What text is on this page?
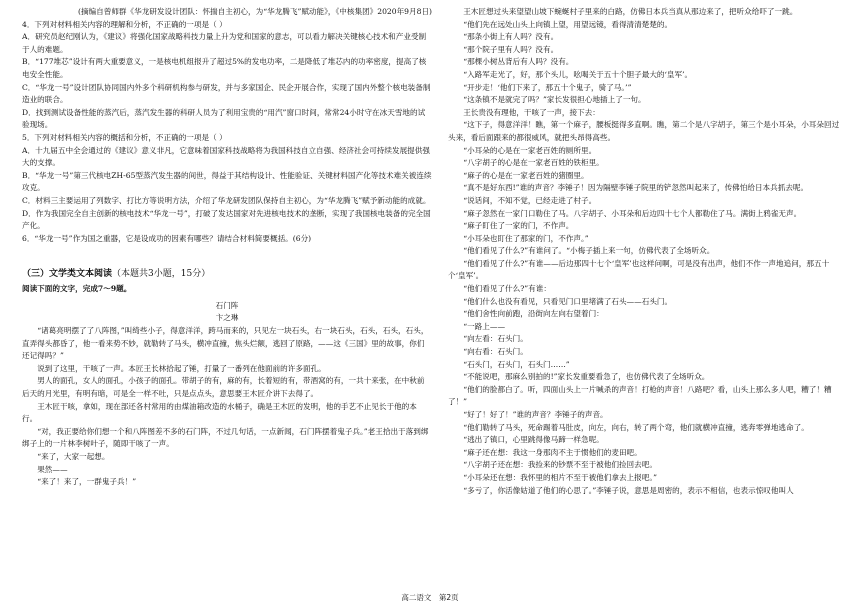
(摘编自曾师群《华龙研发设计团队：怀揣自主初心，为“华龙腾飞”赋动能》，《中核集团》2020年9月8日)

4．下列对材料相关内容的理解和分析，不正确的一项是（ ）

A．研究员赵纪刚认为，《建议》将强化国家战略科技力量上升为党和国家的意志，可以看力解决关键核心技术和产业受制于人的难题。

B．“177堆芯”设计有两大重要意义，一是核电机组报升了超过5%的发电功率，二是降低了堆芯内的功率密度，提高了核电安全性能。

C．“华龙一号”设计团队协同国内外多个科研机构参与研发，并与多家国企、民企开展合作，实现了国内外整个核电装备制造业的联合。

D．找到测试设备性能的蒸汽后，蒸汽发生器的科研人员为了利用宝贵的“用汽”窗口时间，常常24小时守在冰天雪地的试验现场。

5．下列对材料相关内容的概括和分析，不正确的一项是（ ）

A．十九届五中全会通过的《建议》意义非凡，它意味着国家科技战略将为我国科技自立自强、经济社会可持续发展提供强大的支撑。

B．“华龙一号”第三代核电ZH-65型蒸汽发生器的间世，得益于其结构设计、性能验证、关键材料国产化等技术难关被连续攻克。

C．材料三主要运用了列数字、打比方等说明方法，介绍了华龙研发团队保持自主初心，为“华龙腾飞”赋予新动能的成就。

D．作为我国完全自主创新的核电技术“华龙一号”，打破了发达国家对先进核电技术的垄断，实现了我国核电装备的完全国产化。

6．“华龙一号”作为国之重器，它是设成功的因素有哪些？请结合材料简要概括。(6分)

（三）文学类文本阅读（本题共3小题，15分）

阅读下面的文字，完成7～9题。

石门阵

卞之琳

“诸葛亮明摆了了八阵图，”叫绮些小子，得意洋洋，跨马而来的，只见左一块石头，右一块石头，石头，石头，石头，直弄得头都昏了，他一看来势不妙，就勒转了马头，横冲直撞，焦头烂额，逃回了原路，——这《三国》里的故事，你们还记得吗？”

说到了这里，干咳了一声。本匠王长林拾起了锤，打量了一番列在他面前的许多面孔。

男人的面孔，女人的面孔，小孩子的面孔。带胡子的有，麻的有，长着短的有，带酒窝的有，一共十来张，在中秋前后天的月光里，有明有暗，可是全一样不吐，只是点点头，意思要王木匠介讲下去得了。

王木匠干咳，拿如，现在部还各村常用的由煤油箱改造的水桶子，确是王木匠的发明，他的手艺不止见长于他的本行。

“对，我正要给你们想一个和八阵图差不多的石门阵，不过几句话，一点新闻，石门阵摆着鬼子兵。”老王拾出于落到绑绑子上的一片林李树叶子，随即干咳了一声。

“来了，大家一起想。

果然——

“来了！来了，一群鬼子兵！”

王木匠想过头来望望山坡下蜿蜒村子里来的白路，仿佛日本兵当真从那边来了，把听众给吓了一跳。

“他们先在远处山头上向镇上望，用望远镜，看得清清楚楚的。

“那条小街上有人吗？没有。

“那个院子里有人吗？没有。

“那棵小树丛背后有人吗？没有。

“入路军走光了，好，那个头儿，吆喝关于五十个胆子最大的‘皇军’。

“开步走！‘他们下来了，那五十个鬼子，骑了马。’”

“这条镇不是就完了吗？”家长发很担心地插上了一句。

王长贵没有理他，干咳了一声，接下去：

“这下子，得意洋洋！瞧，第一个麻子，腰板挺得多直啊。瞧，第二个是八字胡子，第三个是小耳朵，小耳朵回过头来，看后面跟来的都很威风，就把头昂得高些。

“小耳朵的心是在一家老百姓的厕所里。

“八字胡子的心是在一家老百姓的铁柜里。

“麻子的心是在一家老百姓的猪圈里。

“真不是好东西!”谁的声音？李锤子！因为隔壁李锤子院里的铲忽然叫起来了，传佛怕给日本兵抓去呢。

“说话间，不知不觉，已经走进了村子。

“麻子忽然在一家门口勒住了马。八字胡子、小耳朵和后边四十七个人都勒住了马。满街上鸦雀无声。

“麻子盯住了一家的门，不作声。

“小耳朵也盯住了那家的门，不作声。”

“他们看见了什么?”有谁问了。“小梅子插上来一句，仿佛代表了全场听众。

“他们看见了什么?”有谁——后边那四十七个‘皇军’也这样问啊，可是没有出声，他们不作一声地追问，那五十个‘皇军’。

“他们看见了什么?”有谁：

“他们什么也没有看见，只看见门口里堵满了石头——石头门。

“他们舍性向前跑，沿街向左向右望着门：

“一路上——

“向左看：石头门。

“向右看：石头门。

“石头门，石头门，石头门……”

“不能说吧，那麻么别拍的!”家长发重要看急了，也仿佛代表了全场听众。

“他们的脸都白了。听，四面山头上一片喊杀的声音！打枪的声音！八路吧？看，山头上那么多人吧，糟了！糟了！”

“好了！好了！”谁的声音？李锤子的声音。

“他们勒转了马头，死命踢着马肚皮，向左，向右，转了两个弯，他们就横冲直撞，逃奔零弹地逃命了。

“逃出了镇口，心里跳得像马蹄一样急呢。

“麻子还在想：我这一身那肉不主于惯他们的麦田吧。

“八字胡子还在想：我捡来的钞票不至于被他们捡回去吧。

“小耳朵还在想：我怀里的相片不至于被他们拿去上报吧。”

“多亏了，你活像姑道了他们的心思了。”李锤子说，意思是周密的，表示不相信，也表示惊叹他叫人

高二语文　第2页
